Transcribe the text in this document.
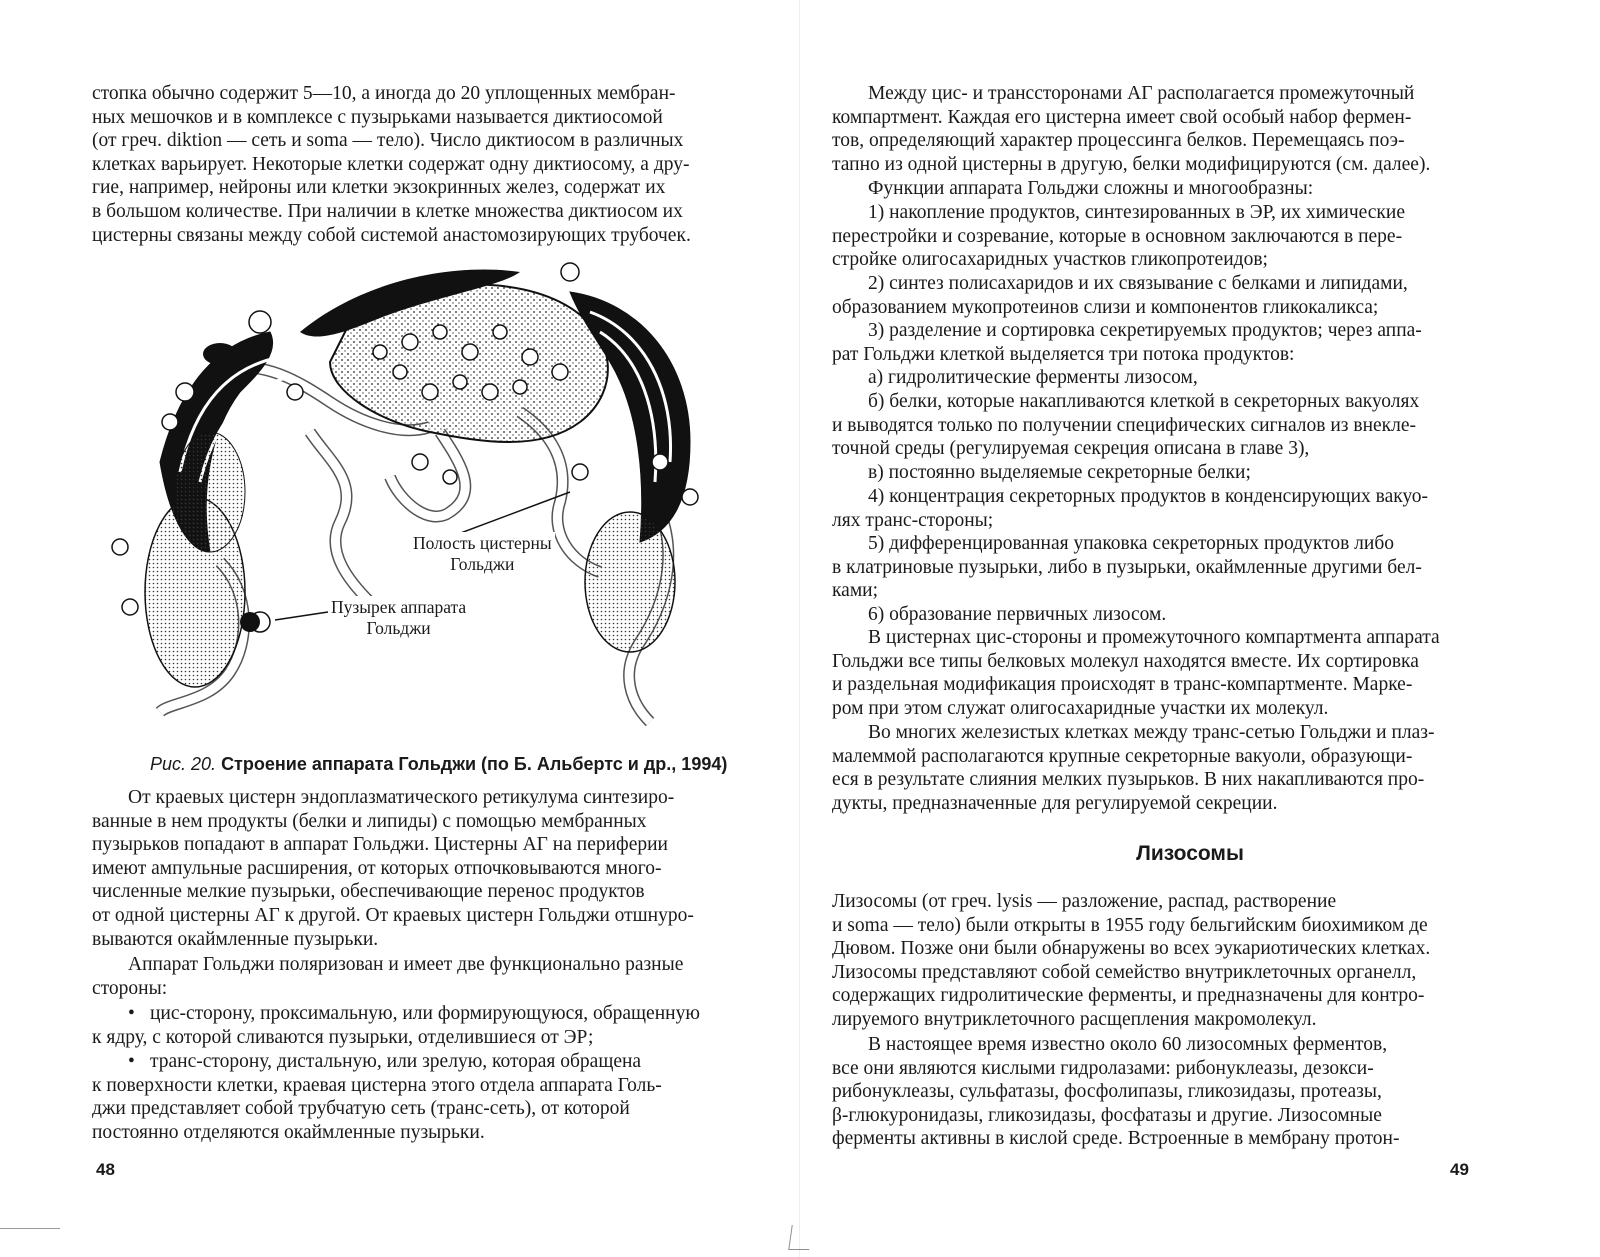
стопка обычно содержит 5—10, а иногда до 20 уплощенных мембран-
ных мешочков и в комплексе с пузырьками называется диктиосомой
(от греч. diktion — сеть и soma — тело). Число диктиосом в различных
клетках варьирует. Некоторые клетки содержат одну диктиосому, а дру-
гие, например, нейроны или клетки экзокринных желез, содержат их
в большом количестве. При наличии в клетке множества диктиосом их
цистерны связаны между собой системой анастомозирующих трубочек.

Полость цистерны
Гольджи
Пузырек аппарата
Гольджи
Рис. 20. Строение аппарата Гольджи (по Б. Альбертс и др., 1994)

От краевых цистерн эндоплазматического ретикулума синтезиро-
ванные в нем продукты (белки и липиды) с помощью мембранных
пузырьков попадают в аппарат Гольджи. Цистерны АГ на периферии
имеют ампульные расширения, от которых отпочковываются много-
численные мелкие пузырьки, обеспечивающие перенос продуктов
от одной цистерны АГ к другой. От краевых цистерн Гольджи отшнуро-
вываются окаймленные пузырьки.

Аппарат Гольджи поляризован и имеет две функционально разные
стороны:

• цис-сторону, проксимальную, или формирующуюся, обращенную
к ядру, с которой сливаются пузырьки, отделившиеся от ЭР;

• транс-сторону, дистальную, или зрелую, которая обращена
к поверхности клетки, краевая цистерна этого отдела аппарата Голь-
джи представляет собой трубчатую сеть (транс-сеть), от которой
постоянно отделяются окаймленные пузырьки.

48

Между цис- и транссторонами АГ располагается промежуточный
компартмент. Каждая его цистерна имеет свой особый набор фермен-
тов, определяющий характер процессинга белков. Перемещаясь поэ-
тапно из одной цистерны в другую, белки модифицируются (см. далее).

Функции аппарата Гольджи сложны и многообразны:

1) накопление продуктов, синтезированных в ЭР, их химические
перестройки и созревание, которые в основном заключаются в пере-
стройке олигосахаридных участков гликопротеидов;

2) синтез полисахаридов и их связывание с белками и липидами,
образованием мукопротеинов слизи и компонентов гликокаликса;

3) разделение и сортировка секретируемых продуктов; через аппа-
рат Гольджи клеткой выделяется три потока продуктов:

а) гидролитические ферменты лизосом,

б) белки, которые накапливаются клеткой в секреторных вакуолях
и выводятся только по получении специфических сигналов из внекле-
точной среды (регулируемая секреция описана в главе 3),

в) постоянно выделяемые секреторные белки;

4) концентрация секреторных продуктов в конденсирующих вакуо-
лях транс-стороны;

5) дифференцированная упаковка секреторных продуктов либо
в клатриновые пузырьки, либо в пузырьки, окаймленные другими бел-
ками;

6) образование первичных лизосом.

В цистернах цис-стороны и промежуточного компартмента аппарата
Гольджи все типы белковых молекул находятся вместе. Их сортировка
и раздельная модификация происходят в транс-компартменте. Марке-
ром при этом служат олигосахаридные участки их молекул.

Во многих железистых клетках между транс-сетью Гольджи и плаз-
малеммой располагаются крупные секреторные вакуоли, образующи-
еся в результате слияния мелких пузырьков. В них накапливаются про-
дукты, предназначенные для регулируемой секреции.

Лизосомы

Лизосомы (от греч. lysis — разложение, распад, растворение
и soma — тело) были открыты в 1955 году бельгийским биохимиком де
Дювом. Позже они были обнаружены во всех эукариотических клетках.
Лизосомы представляют собой семейство внутриклеточных органелл,
содержащих гидролитические ферменты, и предназначены для контро-
лируемого внутриклеточного расщепления макромолекул.

В настоящее время известно около 60 лизосомных ферментов,
все они являются кислыми гидролазами: рибонуклеазы, дезокси-
рибонуклеазы, сульфатазы, фосфолипазы, гликозидазы, протеазы,
β-глюкуронидазы, гликозидазы, фосфатазы и другие. Лизосомные
ферменты активны в кислой среде. Встроенные в мембрану протон-

49
